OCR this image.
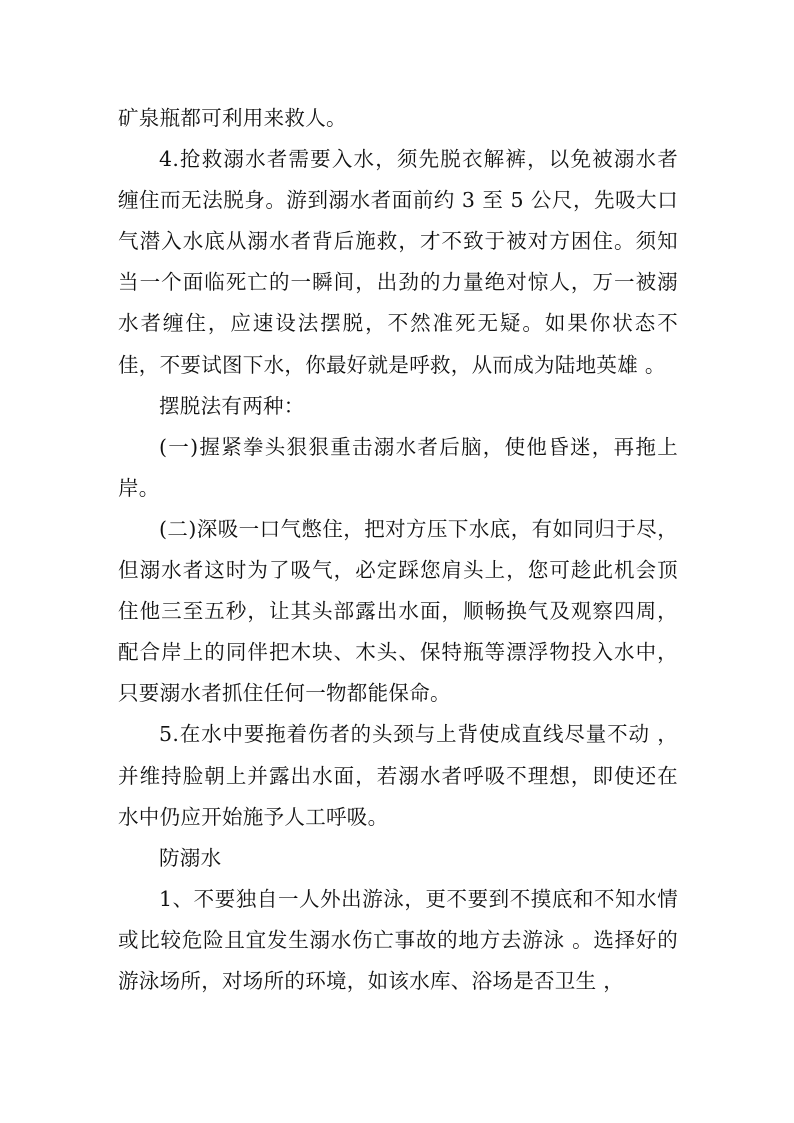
矿泉瓶都可利用来救人。

4.抢救溺水者需要入水，须先脱衣解裤，以免被溺水者缠住而无法脱身。游到溺水者面前约 3 至 5 公尺，先吸大口气潜入水底从溺水者背后施救，才不致于被对方困住。须知当一个面临死亡的一瞬间，出劲的力量绝对惊人，万一被溺水者缠住，应速设法摆脱，不然准死无疑。如果你状态不佳，不要试图下水，你最好就是呼救，从而成为陆地英雄 。

摆脱法有两种：

(一)握紧拳头狠狠重击溺水者后脑，使他昏迷，再拖上岸。

(二)深吸一口气憋住，把对方压下水底，有如同归于尽，但溺水者这时为了吸气，必定踩您肩头上，您可趁此机会顶住他三至五秒，让其头部露出水面，顺畅换气及观察四周，配合岸上的同伴把木块、木头、保特瓶等漂浮物投入水中，只要溺水者抓住任何一物都能保命。

5.在水中要拖着伤者的头颈与上背使成直线尽量不动 ，并维持脸朝上并露出水面，若溺水者呼吸不理想，即使还在水中仍应开始施予人工呼吸。

防溺水

1、不要独自一人外出游泳，更不要到不摸底和不知水情或比较危险且宜发生溺水伤亡事故的地方去游泳 。选择好的游泳场所，对场所的环境，如该水库、浴场是否卫生 ，
